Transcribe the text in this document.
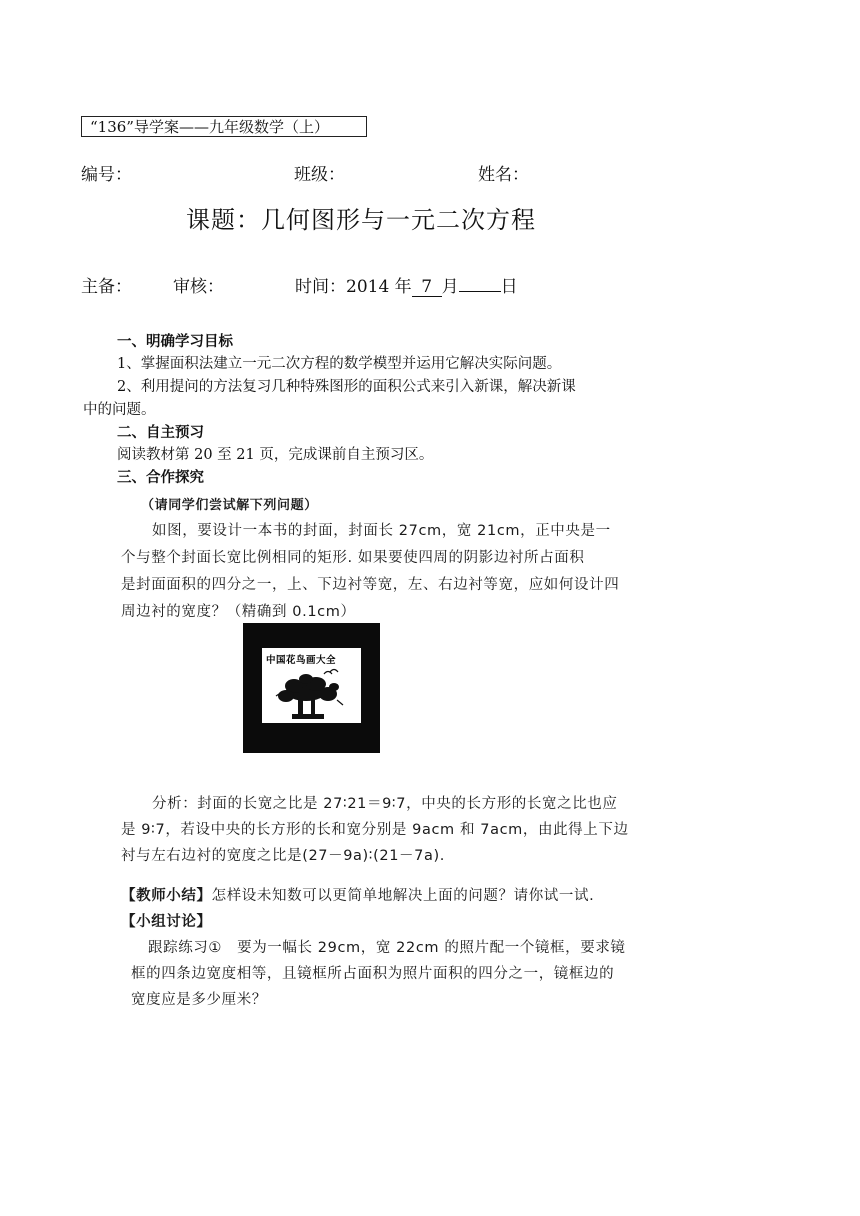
“136”导学案——九年级数学（上）
编号：	班级：	姓名：
课题：几何图形与一元二次方程
主备： 审核：	时间：2014 年 7 月 日
一、明确学习目标
1、掌握面积法建立一元二次方程的数学模型并运用它解决实际问题。
2、利用提问的方法复习几种特殊图形的面积公式来引入新课，解决新课
中的问题。
二、自主预习
阅读教材第 20 至 21 页，完成课前自主预习区。
三、合作探究
（请同学们尝试解下列问题）
如图，要设计一本书的封面，封面长 27cm，宽 21cm，正中央是一
个与整个封面长宽比例相同的矩形. 如果要使四周的阴影边衬所占面积
是封面面积的四分之一，上、下边衬等宽，左、右边衬等宽，应如何设计四
周边衬的宽度？（精确到 0.1cm）
中国花鸟画大全
分析：封面的长宽之比是 27∶21＝9∶7，中央的长方形的长宽之比也应
是 9∶7，若设中央的长方形的长和宽分别是 9acm 和 7acm，由此得上下边
衬与左右边衬的宽度之比是(27－9a)∶(21－7a).
【教师小结】怎样设未知数可以更简单地解决上面的问题？请你试一试.
【小组讨论】
跟踪练习①　要为一幅长 29cm，宽 22cm 的照片配一个镜框，要求镜
框的四条边宽度相等，且镜框所占面积为照片面积的四分之一，镜框边的
宽度应是多少厘米？
